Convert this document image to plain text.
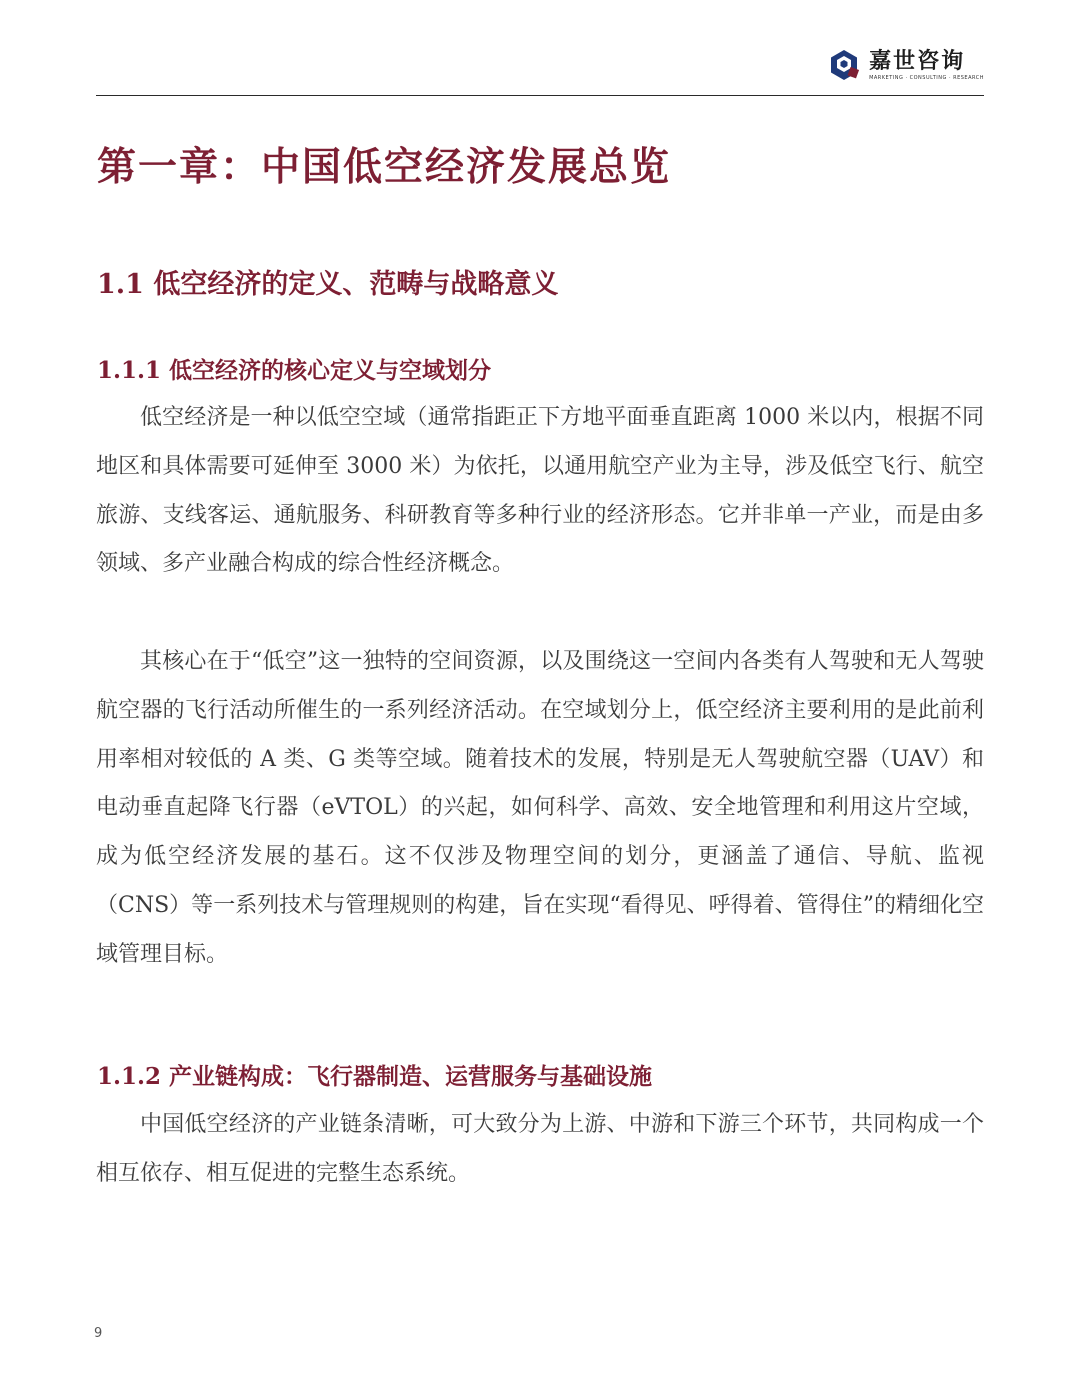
嘉世咨询
MARKETING · CONSULTING · RESEARCH
第一章：中国低空经济发展总览
1.1 低空经济的定义、范畴与战略意义
1.1.1 低空经济的核心定义与空域划分

低空经济是一种以低空空域（通常指距正下方地平面垂直距离 1000 米以内，根据不同地区和具体需要可延伸至 3000 米）为依托，以通用航空产业为主导，涉及低空飞行、航空旅游、支线客运、通航服务、科研教育等多种行业的经济形态。它并非单一产业，而是由多领域、多产业融合构成的综合性经济概念。

其核心在于“低空”这一独特的空间资源，以及围绕这一空间内各类有人驾驶和无人驾驶航空器的飞行活动所催生的一系列经济活动。在空域划分上，低空经济主要利用的是此前利用率相对较低的 A 类、G 类等空域。随着技术的发展，特别是无人驾驶航空器（UAV）和电动垂直起降飞行器（eVTOL）的兴起，如何科学、高效、安全地管理和利用这片空域，成为低空经济发展的基石。这不仅涉及物理空间的划分，更涵盖了通信、导航、监视（CNS）等一系列技术与管理规则的构建，旨在实现“看得见、呼得着、管得住”的精细化空域管理目标。

1.1.2 产业链构成：飞行器制造、运营服务与基础设施

中国低空经济的产业链条清晰，可大致分为上游、中游和下游三个环节，共同构成一个相互依存、相互促进的完整生态系统。

9
